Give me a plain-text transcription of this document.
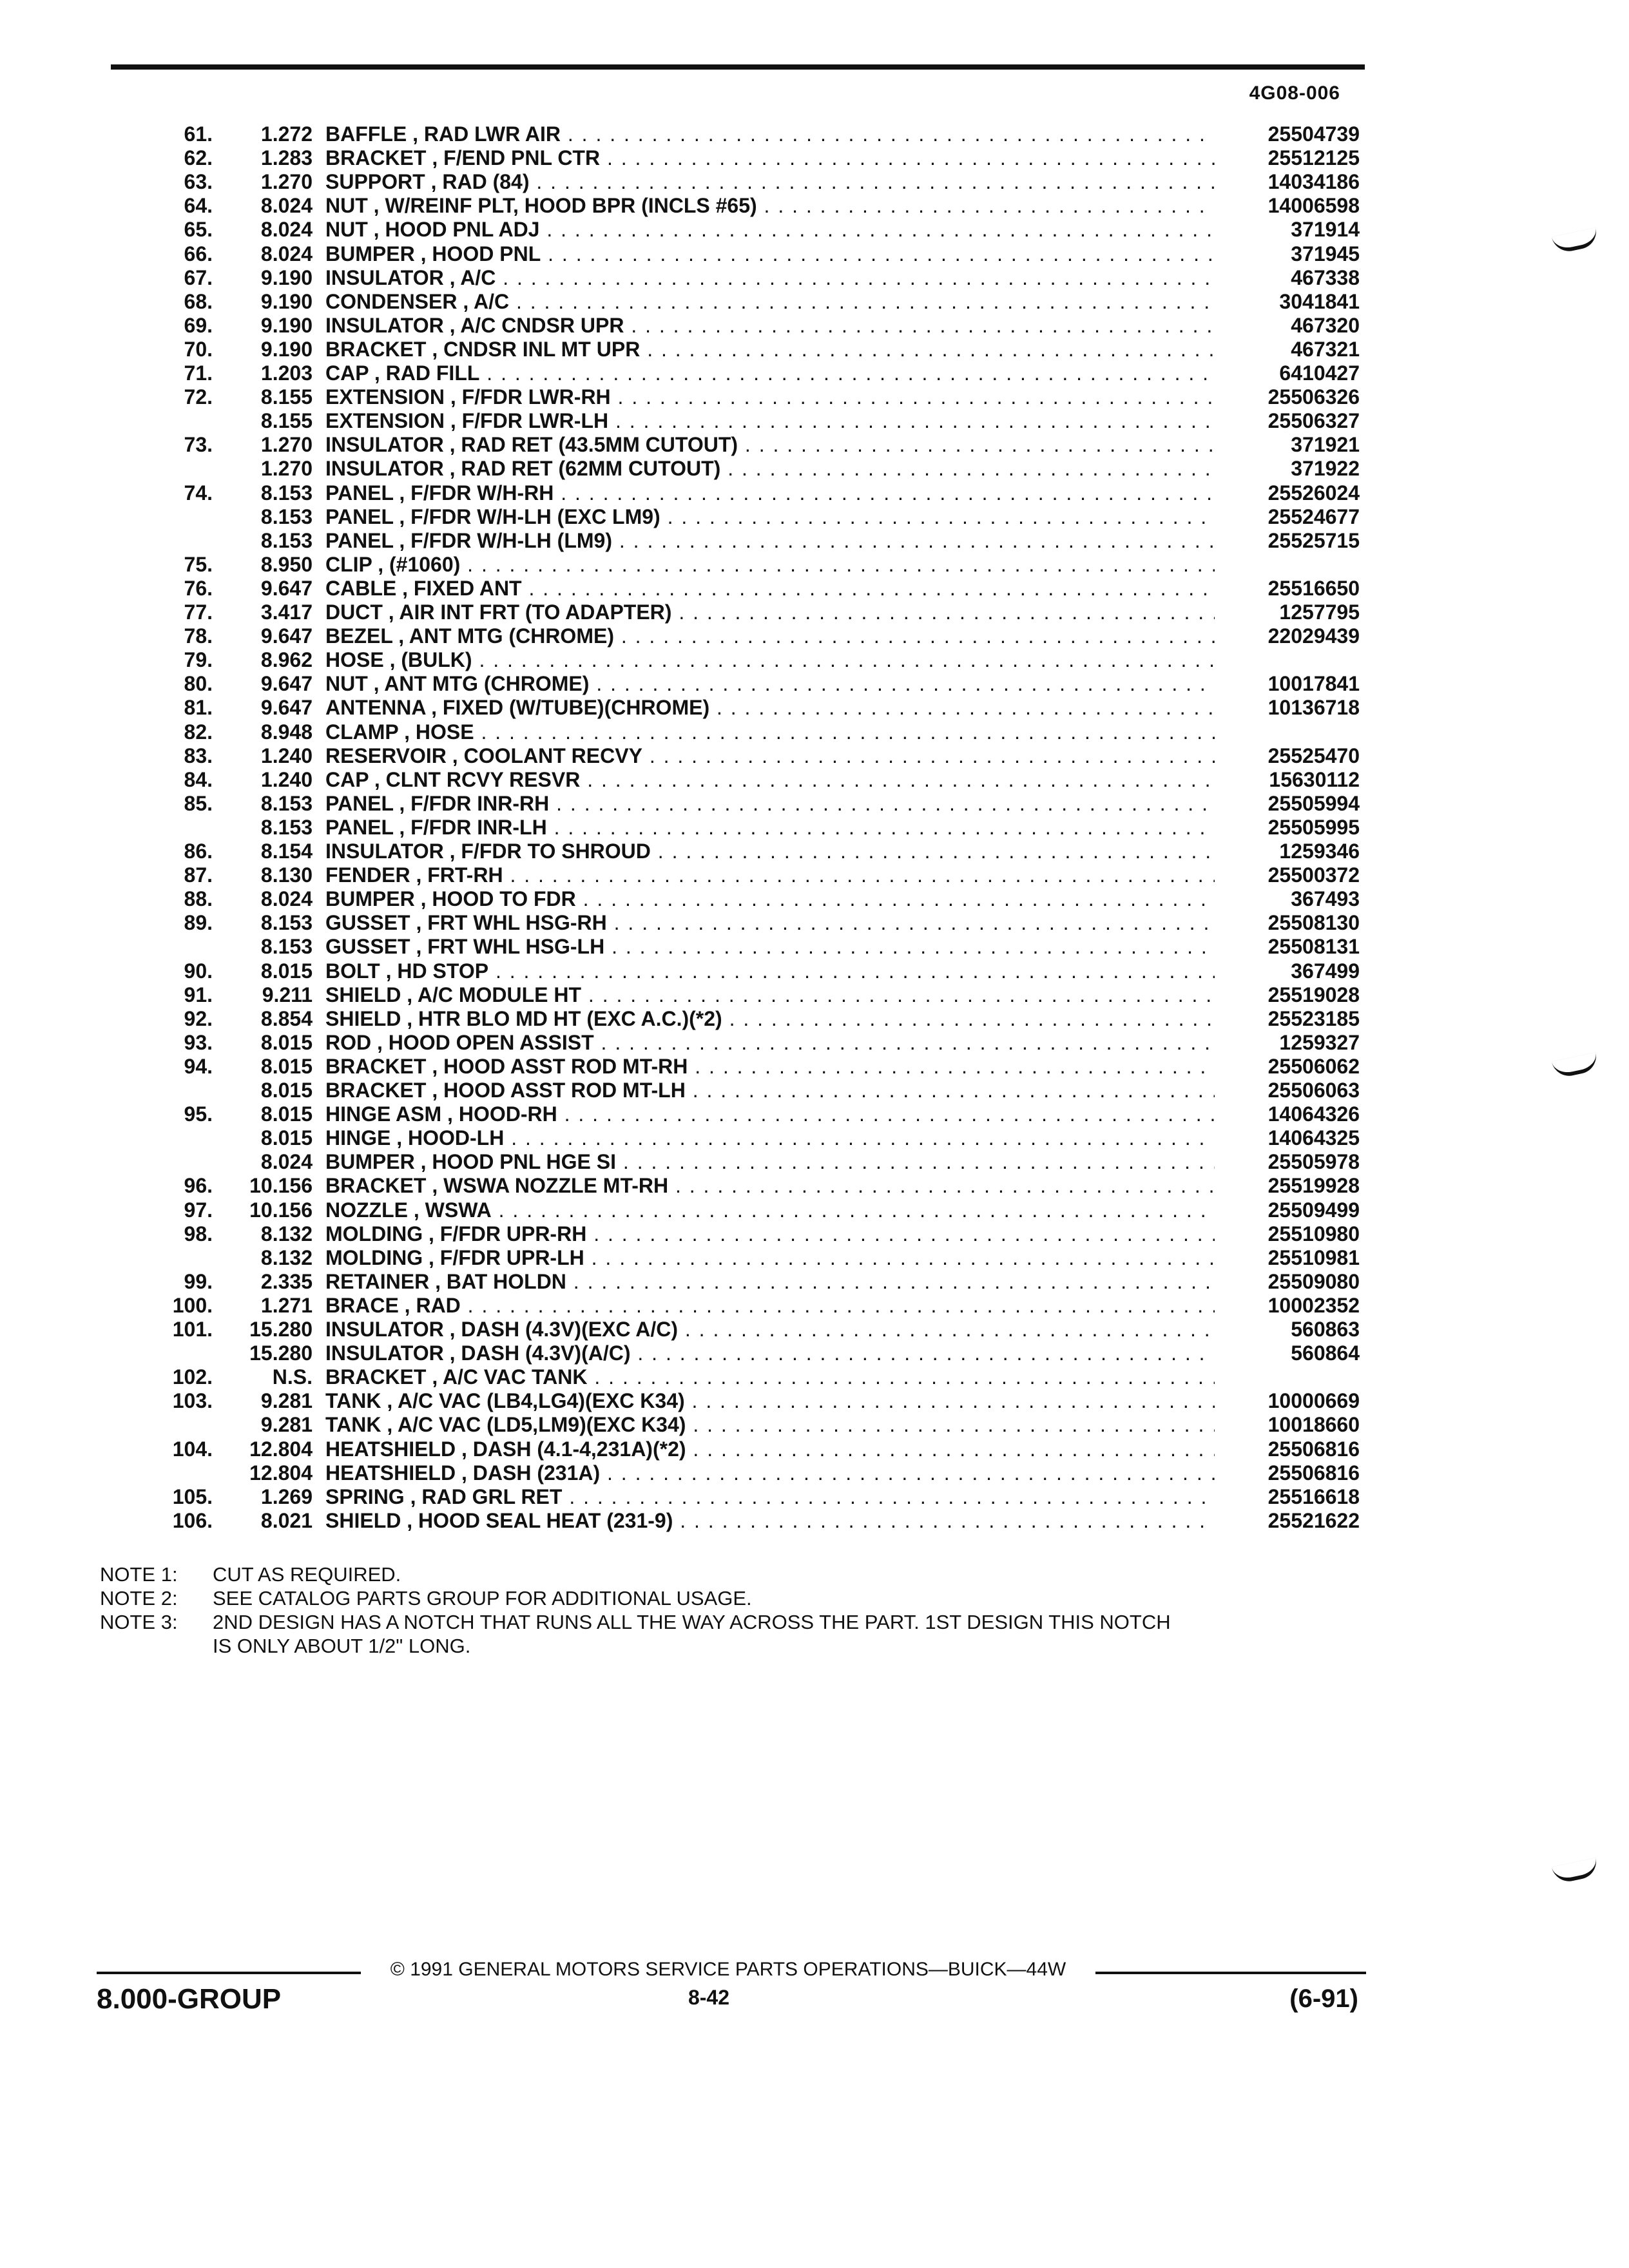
4G08-006
61.	1.272 BAFFLE , RAD LWR AIR . . .	25504739
62.	1.283 BRACKET , F/END PNL CTR . . .	25512125
63.	1.270 SUPPORT , RAD (84) . . .	14034186
64.	8.024 NUT , W/REINF PLT, HOOD BPR (INCLS #65) . . .	14006598
65.	8.024 NUT , HOOD PNL ADJ . . .	371914
66.	8.024 BUMPER , HOOD PNL . . .	371945
67.	9.190 INSULATOR , A/C . . .	467338
68.	9.190 CONDENSER , A/C . . .	3041841
69.	9.190 INSULATOR , A/C CNDSR UPR . . .	467320
70.	9.190 BRACKET , CNDSR INL MT UPR . . .	467321
71.	1.203 CAP , RAD FILL . . .	6410427
72.	8.155 EXTENSION , F/FDR LWR-RH . . .	25506326
8.155 EXTENSION , F/FDR LWR-LH . . .	25506327
73.	1.270 INSULATOR , RAD RET (43.5MM CUTOUT) . . .	371921
1.270 INSULATOR , RAD RET (62MM CUTOUT) . . .	371922
74.	8.153 PANEL , F/FDR W/H-RH . . .	25526024
8.153 PANEL , F/FDR W/H-LH (EXC LM9) . . .	25524677
8.153 PANEL , F/FDR W/H-LH (LM9) . . .	25525715
75.	8.950 CLIP , (#1060) . . .
76.	9.647 CABLE , FIXED ANT . . .	25516650
77.	3.417 DUCT , AIR INT FRT (TO ADAPTER) . . .	1257795
78.	9.647 BEZEL , ANT MTG (CHROME) . . .	22029439
79.	8.962 HOSE , (BULK) . . .
80.	9.647 NUT , ANT MTG (CHROME) . . .	10017841
81.	9.647 ANTENNA , FIXED (W/TUBE)(CHROME) . . .	10136718
82.	8.948 CLAMP , HOSE . . .
83.	1.240 RESERVOIR , COOLANT RECVY . . .	25525470
84.	1.240 CAP , CLNT RCVY RESVR . . .	15630112
85.	8.153 PANEL , F/FDR INR-RH . . .	25505994
8.153 PANEL , F/FDR INR-LH . . .	25505995
86.	8.154 INSULATOR , F/FDR TO SHROUD . . .	1259346
87.	8.130 FENDER , FRT-RH . . .	25500372
88.	8.024 BUMPER , HOOD TO FDR . . .	367493
89.	8.153 GUSSET , FRT WHL HSG-RH . . .	25508130
8.153 GUSSET , FRT WHL HSG-LH . . .	25508131
90.	8.015 BOLT , HD STOP . . .	367499
91.	9.211 SHIELD , A/C MODULE HT . . .	25519028
92.	8.854 SHIELD , HTR BLO MD HT (EXC A.C.)(*2) . . .	25523185
93.	8.015 ROD , HOOD OPEN ASSIST . . .	1259327
94.	8.015 BRACKET , HOOD ASST ROD MT-RH . . .	25506062
8.015 BRACKET , HOOD ASST ROD MT-LH . . .	25506063
95.	8.015 HINGE ASM , HOOD-RH . . .	14064326
8.015 HINGE , HOOD-LH . . .	14064325
8.024 BUMPER , HOOD PNL HGE SI . . .	25505978
96.	10.156 BRACKET , WSWA NOZZLE MT-RH . . .	25519928
97.	10.156 NOZZLE , WSWA . . .	25509499
98.	8.132 MOLDING , F/FDR UPR-RH . . .	25510980
8.132 MOLDING , F/FDR UPR-LH . . .	25510981
99.	2.335 RETAINER , BAT HOLDN . . .	25509080
100.	1.271 BRACE , RAD . . .	10002352
101.	15.280 INSULATOR , DASH (4.3V)(EXC A/C) . . .	560863
15.280 INSULATOR , DASH (4.3V)(A/C) . . .	560864
102.	N.S. BRACKET , A/C VAC TANK . . .
103.	9.281 TANK , A/C VAC (LB4,LG4)(EXC K34) . . .	10000669
9.281 TANK , A/C VAC (LD5,LM9)(EXC K34) . . .	10018660
104.	12.804 HEATSHIELD , DASH (4.1-4,231A)(*2) . . .	25506816
12.804 HEATSHIELD , DASH (231A) . . .	25506816
105.	1.269 SPRING , RAD GRL RET . . .	25516618
106.	8.021 SHIELD , HOOD SEAL HEAT (231-9) . . .	25521622
NOTE 1:	CUT AS REQUIRED.
NOTE 2:	SEE CATALOG PARTS GROUP FOR ADDITIONAL USAGE.
NOTE 3:	2ND DESIGN HAS A NOTCH THAT RUNS ALL THE WAY ACROSS THE PART. 1ST DESIGN THIS NOTCH
IS ONLY ABOUT 1/2" LONG.
© 1991 GENERAL MOTORS SERVICE PARTS OPERATIONS—BUICK—44W
8.000-GROUP	8-42	(6-91)
